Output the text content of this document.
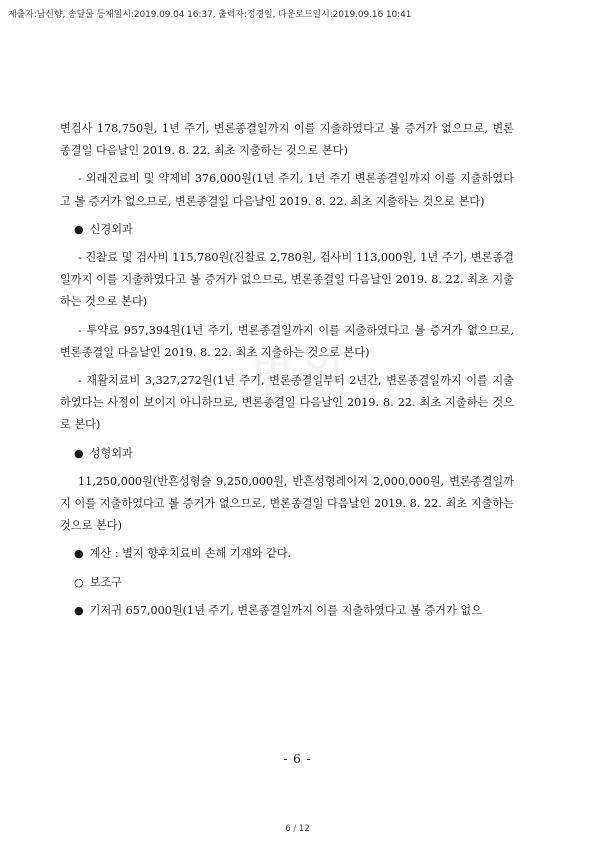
제출자:남신향, 송달물 등재일시:2019.09.04 16:37, 출력자:정경일, 다운로드일시:2019.09.16 10:41

변검사 178,750원, 1년 주기, 변론종결일까지 이를 지출하였다고 볼 증거가 없으므로, 변론종결일 다음날인 2019. 8. 22. 최초 지출하는 것으로 본다)

- 외래진료비 및 약제비 376,000원(1년 주기, 1년 주기 변론종결일까지 이를 지출하였다고 볼 증거가 없으므로, 변론종결일 다음날인 2019. 8. 22. 최초 지출하는 것으로 본다)

● 신경외과

- 진찰료 및 검사비 115,780원(진찰료 2,780원, 검사비 113,000원, 1년 주기, 변론종결일까지 이를 지출하였다고 볼 증거가 없으므로, 변론종결일 다음날인 2019. 8. 22. 최초 지출하는 것으로 본다)

- 투약료 957,394원(1년 주기, 변론종결일까지 이를 지출하였다고 볼 증거가 없으므로, 변론종결일 다음날인 2019. 8. 22. 최초 지출하는 것으로 본다)

- 재활치료비 3,327,272원(1년 주기, 변론종결일부터 2년간, 변론종결일까지 이를 지출하였다는 사정이 보이지 아니하므로, 변론종결일 다음날인 2019. 8. 22. 최초 지출하는 것으로 본다)

● 성형외과

11,250,000원(반흔성형술 9,250,000원, 반흔성형레이저 2,000,000원, 변론종결일까지 이를 지출하였다고 볼 증거가 없으므로, 변론종결일 다음날인 2019. 8. 22. 최초 지출하는 것으로 본다)

● 계산 : 별지 향후치료비 손해 기재와 같다.

○ 보조구

● 기저귀 657,000원(1년 주기, 변론종결일까지 이를 지출하였다고 볼 증거가 없으

- 6 -
6 / 12
